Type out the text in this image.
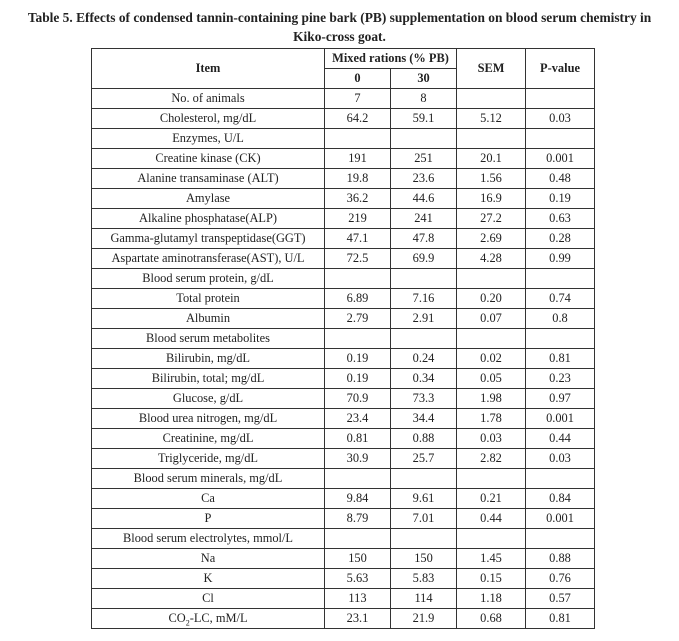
Table 5. Effects of condensed tannin-containing pine bark (PB) supplementation on blood serum chemistry in
Kiko-cross goat.
Item	Mixed rations (% PB)		SEM	P-value
	0	30		
No. of animals	7	8		
Cholesterol, mg/dL	64.2	59.1	5.12	0.03
Enzymes, U/L				
Creatine kinase (CK)	191	251	20.1	0.001
Alanine transaminase (ALT)	19.8	23.6	1.56	0.48
Amylase	36.2	44.6	16.9	0.19
Alkaline phosphatase(ALP)	219	241	27.2	0.63
Gamma-glutamyl transpeptidase(GGT)	47.1	47.8	2.69	0.28
Aspartate aminotransferase(AST), U/L	72.5	69.9	4.28	0.99
Blood serum protein, g/dL				
Total protein	6.89	7.16	0.20	0.74
Albumin	2.79	2.91	0.07	0.8
Blood serum metabolites				
Bilirubin, mg/dL	0.19	0.24	0.02	0.81
Bilirubin, total; mg/dL	0.19	0.34	0.05	0.23
Glucose, g/dL	70.9	73.3	1.98	0.97
Blood urea nitrogen, mg/dL	23.4	34.4	1.78	0.001
Creatinine, mg/dL	0.81	0.88	0.03	0.44
Triglyceride, mg/dL	30.9	25.7	2.82	0.03
Blood serum minerals, mg/dL				
Ca	9.84	9.61	0.21	0.84
P	8.79	7.01	0.44	0.001
Blood serum electrolytes, mmol/L				
Na	150	150	1.45	0.88
K	5.63	5.83	0.15	0.76
Cl	113	114	1.18	0.57
$CO_2-LC$, mM/L	23.1	21.9	0.68	0.81
